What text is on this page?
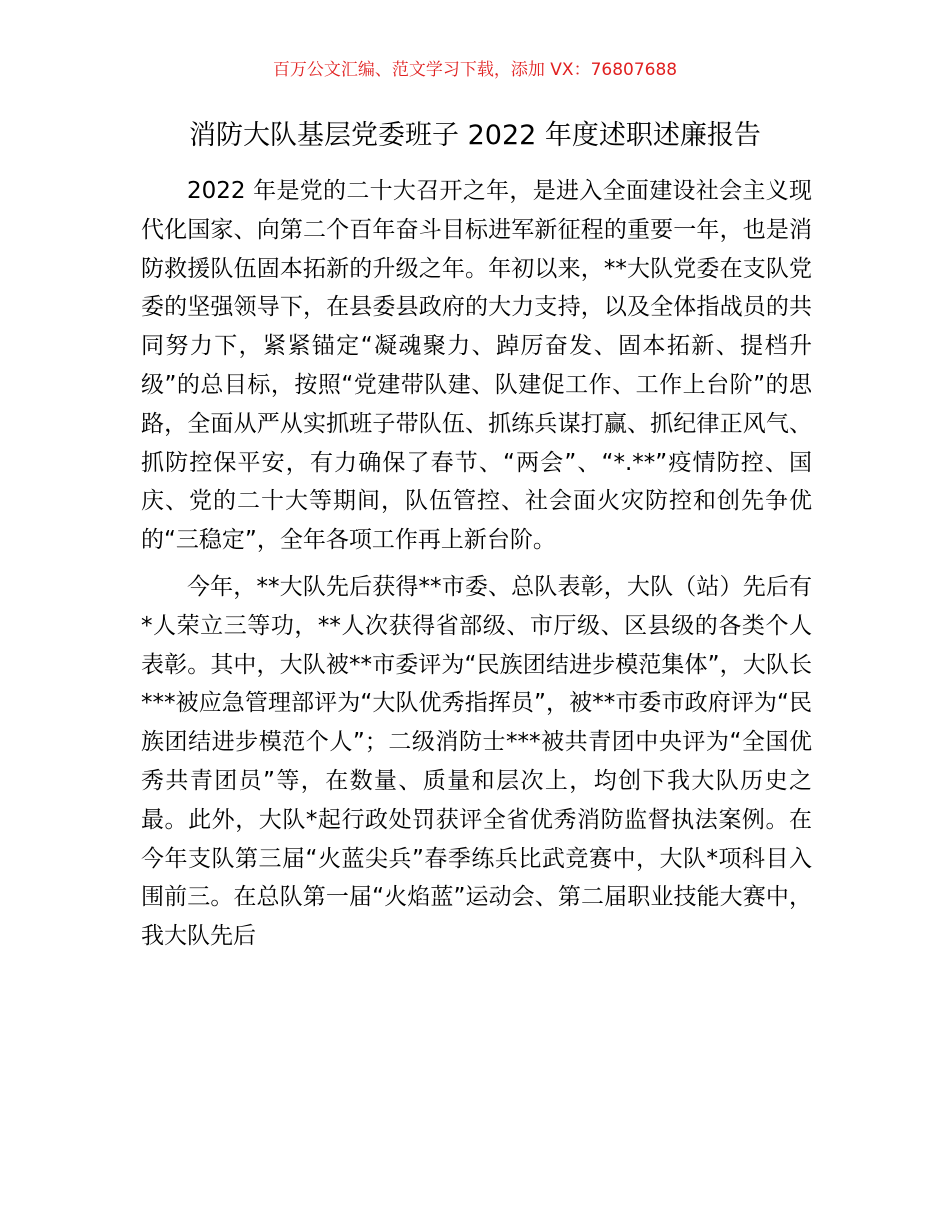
百万公文汇编、范文学习下载，添加 VX：76807688
消防大队基层党委班子 2022 年度述职述廉报告

2022 年是党的二十大召开之年，是进入全面建设社会主义现代化国家、向第二个百年奋斗目标进军新征程的重要一年，也是消防救援队伍固本拓新的升级之年。年初以来，**大队党委在支队党委的坚强领导下，在县委县政府的大力支持，以及全体指战员的共同努力下，紧紧锚定“凝魂聚力、踔厉奋发、固本拓新、提档升级”的总目标，按照“党建带队建、队建促工作、工作上台阶”的思路，全面从严从实抓班子带队伍、抓练兵谋打赢、抓纪律正风气、抓防控保平安，有力确保了春节、“两会”、“*.**”疫情防控、国庆、党的二十大等期间，队伍管控、社会面火灾防控和创先争优的“三稳定”，全年各项工作再上新台阶。

今年，**大队先后获得**市委、总队表彰，大队（站）先后有*人荣立三等功，**人次获得省部级、市厅级、区县级的各类个人表彰。其中，大队被**市委评为“民族团结进步模范集体”，大队长***被应急管理部评为“大队优秀指挥员”，被**市委市政府评为“民族团结进步模范个人”；二级消防士***被共青团中央评为“全国优秀共青团员”等，在数量、质量和层次上，均创下我大队历史之最。此外，大队*起行政处罚获评全省优秀消防监督执法案例。在今年支队第三届“火蓝尖兵”春季练兵比武竞赛中，大队*项科目入围前三。在总队第一届“火焰蓝”运动会、第二届职业技能大赛中，我大队先后
